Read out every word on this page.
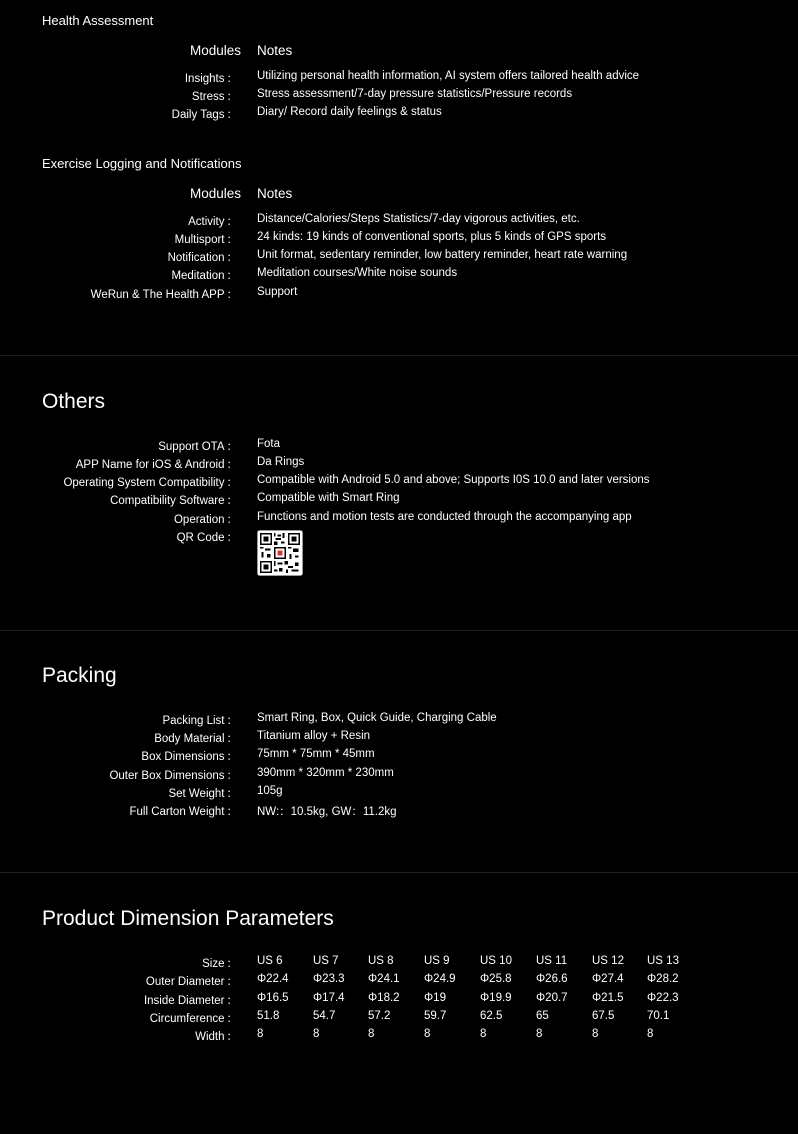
Health Assessment
Modules Notes
Insights ： Utilizing personal health information, AI system offers tailored health advice
Stress ： Stress assessment/7-day pressure statistics/Pressure records
Daily Tags ： Diary/ Record daily feelings & status
Exercise Logging and Notifications
Modules Notes
Activity ： Distance/Calories/Steps Statistics/7-day vigorous activities, etc.
Multisport ： 24 kinds: 19 kinds of conventional sports, plus 5 kinds of GPS sports
Notification ： Unit format, sedentary reminder, low battery reminder, heart rate warning
Meditation ： Meditation courses/White noise sounds
WeRun & The Health APP ： Support
Others
Support OTA ： Fota
APP Name for iOS & Android ： Da Rings
Operating System Compatibility ： Compatible with Android 5.0 and above; Supports I0S 10.0 and later versions
Compatibility Software ： Compatible with Smart Ring
Operation ： Functions and motion tests are conducted through the accompanying app
QR Code ：
Packing
Packing List ： Smart Ring, Box, Quick Guide, Charging Cable
Body Material ： Titanium alloy + Resin
Box Dimensions ： 75mm * 75mm * 45mm
Outer Box Dimensions ： 390mm * 320mm * 230mm
Set Weight ： 105g
Full Carton Weight ： NW:：10.5kg, GW：11.2kg
Product Dimension Parameters
Size ： US 6	US 7	US 8	US 9	US 10 US 11 US 12 US 13
Outer Diameter ： Φ22.4 Φ23.3 Φ24.1 Φ24.9 Φ25.8 Φ26.6 Φ27.4 Φ28.2
Inside Diameter ： Φ16.5 Φ17.4 Φ18.2 Φ19	Φ19.9 Φ20.7 Φ21.5 Φ22.3
Circumference ： 51.8	54.7	57.2	59.7	62.5	65	67.5	70.1
Width ： 8	8	8	8	8	8	8	8
